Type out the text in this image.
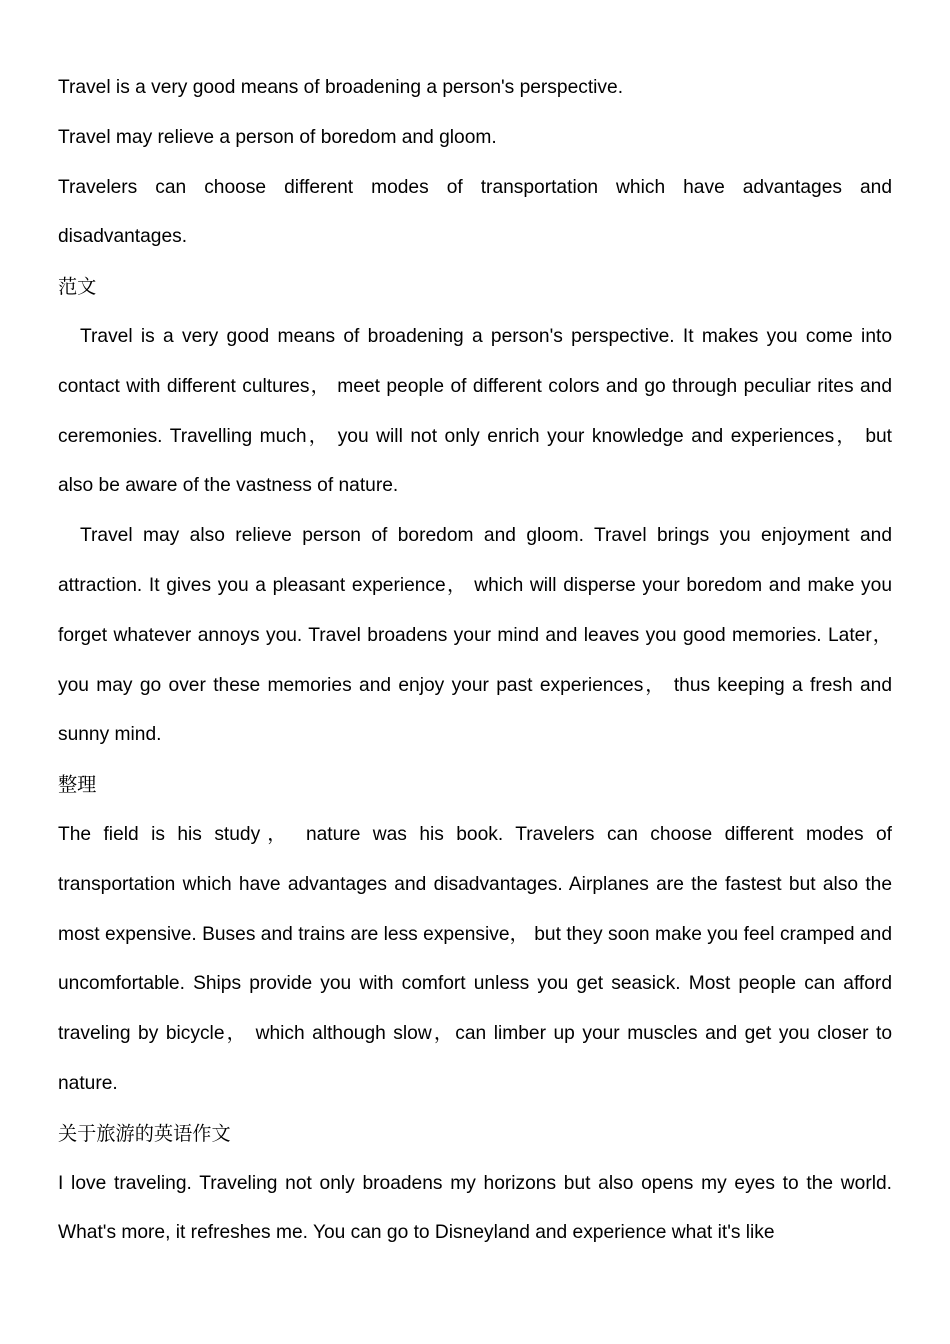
Travel is a very good means of broadening a person's perspective.

Travel may relieve a person of boredom and gloom.

Travelers can choose different modes of transportation which have advantages and disadvantages.

范文

Travel is a very good means of broadening a person's perspective. It makes you come into contact with different cultures， meet people of different colors and go through peculiar rites and ceremonies. Travelling much， you will not only enrich your knowledge and experiences， but also be aware of the vastness of nature.

Travel may also relieve person of boredom and gloom. Travel brings you enjoyment and attraction. It gives you a pleasant experience， which will disperse your boredom and make you forget whatever annoys you. Travel broadens your mind and leaves you good memories. Later， you may go over these memories and enjoy your past experiences， thus keeping a fresh and sunny mind.

整理

The field is his study， nature was his book. Travelers can choose different modes of transportation which have advantages and disadvantages. Airplanes are the fastest but also the most expensive. Buses and trains are less expensive， but they soon make you feel cramped and uncomfortable. Ships provide you with comfort unless you get seasick. Most people can afford traveling by bicycle， which although slow，can limber up your muscles and get you closer to nature.

关于旅游的英语作文

I love traveling. Traveling not only broadens my horizons but also opens my eyes to the world. What's more, it refreshes me. You can go to Disneyland and experience what it's like
